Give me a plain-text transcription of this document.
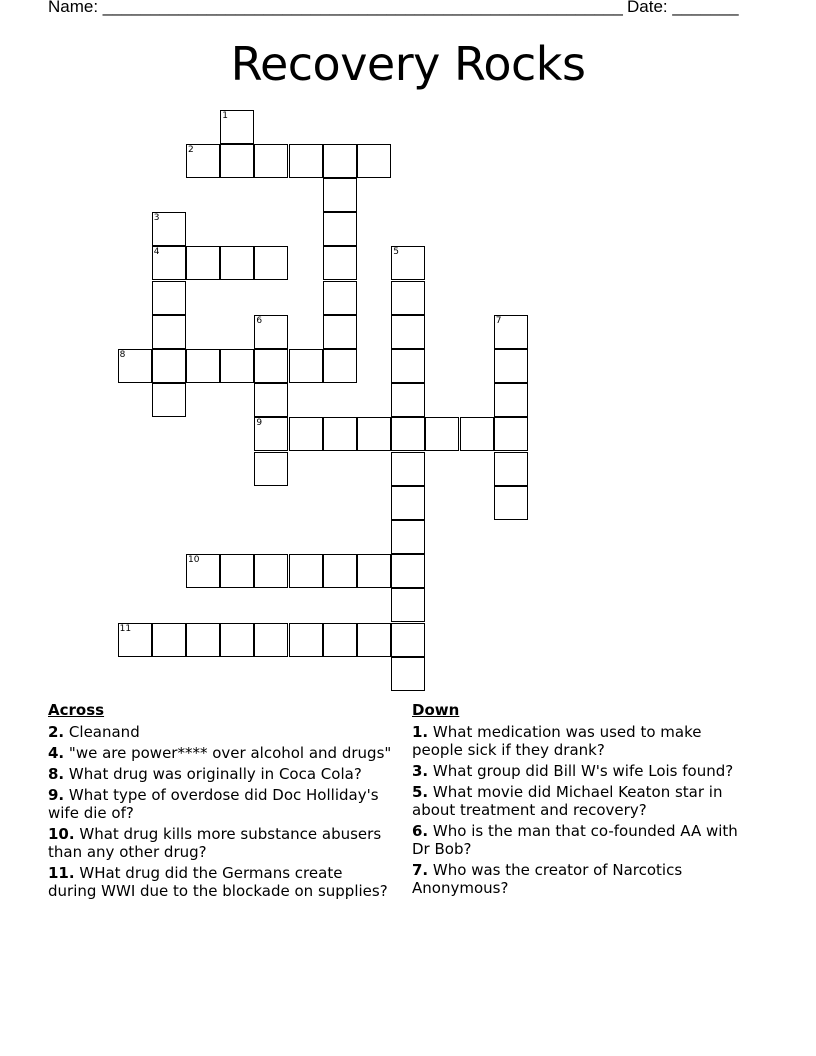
Name: _______________________________________________________ Date: _______
Recovery Rocks
1
2
3
4	5
6	7
8
9
10
11
Across
2. Cleanand
4. "we are power**** over alcohol and drugs"
8. What drug was originally in Coca Cola?
9. What type of overdose did Doc Holliday's wife die of?
10. What drug kills more substance abusers than any other drug?
11. WHat drug did the Germans create during WWI due to the blockade on supplies?
Down
1. What medication was used to make people sick if they drank?
3. What group did Bill W's wife Lois found?
5. What movie did Michael Keaton star in about treatment and recovery?
6. Who is the man that co-founded AA with Dr Bob?
7. Who was the creator of Narcotics Anonymous?
